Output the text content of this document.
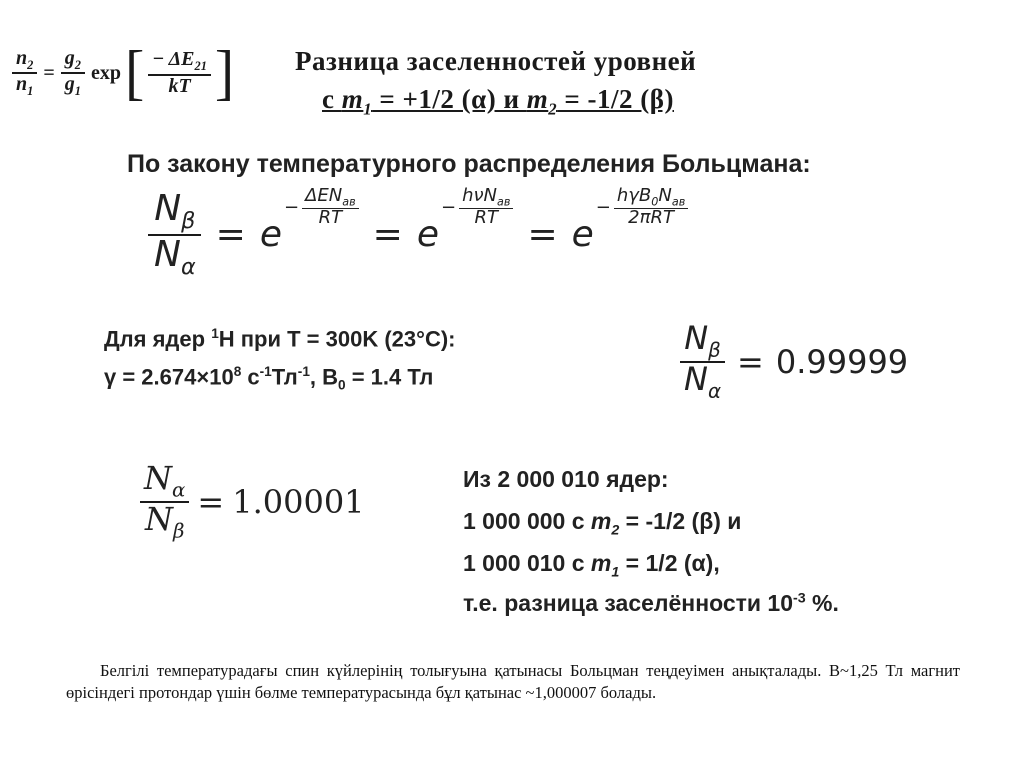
$\frac{n_2}{n_1} = \frac{g_2}{g_1}$ exp [ $\frac{- \Delta E_{21}}{kT}$ ] Разница заселенностей уровней
с $m_1 = +1/2$ (α) и $m_2 = -1/2$ (β)
По закону температурного распределения Больцмана:
$\frac{N_\beta}{N_\alpha} = e$
− $\frac{\Delta EN_{ав}}{RT}$
= e
− $\frac{h\nu N_{ав}}{RT}$
= e
− $\frac{h\gamma B_0N_{ав}}{\text{2πRT}}$
Для ядер $^1$H при T = 300K (23°C):
$\gamma = 2.674\times 10^8$ $с^{-1}Тл^{-1}$, $B_0 = 1.4$ Тл	$\frac{N_\beta}{N_\alpha} = 0.99999$
$\frac{N_\alpha}{N_\beta} = 1.00001$
Из 2 000 010 ядер:
1 000 000 с $m_2 = -1/2$ (β) и
1 000 010 с $m_1 = 1/2$ (α),
т.е. разница заселённости $10^{-3}$ %.
Белгілі температурадағы спин күйлерінің толығуына қатынасы Больцман теңдеуімен анықталады. B~1,25 Тл магнит өрісіндегі протондар үшін бөлме температурасында бұл қатынас ~1,000007 болады.
